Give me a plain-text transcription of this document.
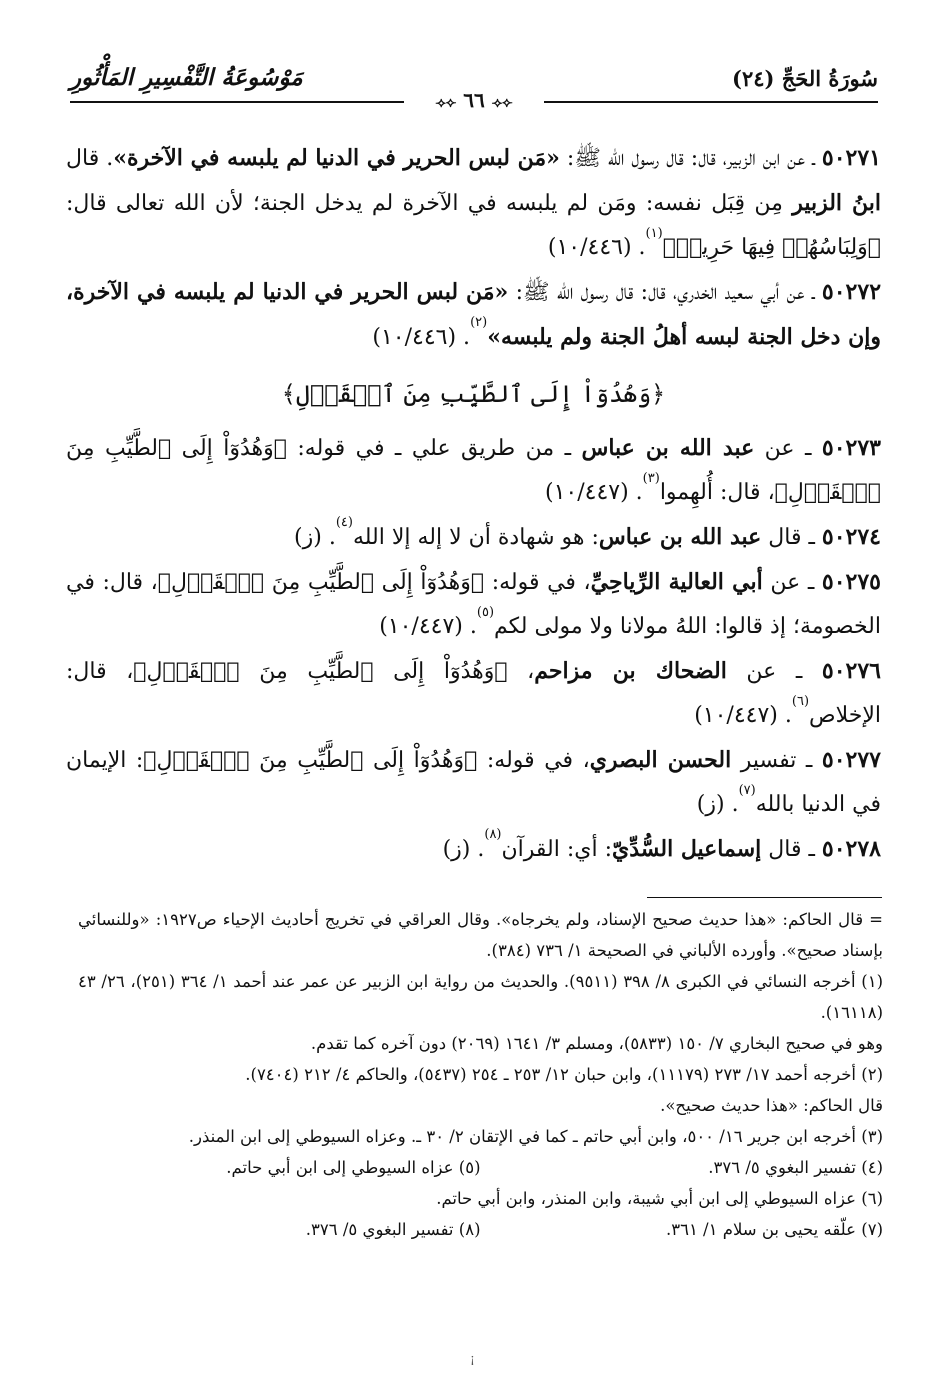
سُورَةُ الحَجِّ (٢٤)
مَوْسُوعَةُ التَّفْسِيرِ المَأْثُورِ
⟢⟣ ٦٦ ⟢⟣

٥٠٢٧١ ـ عن ابن الزبير، قال: قال رسول الله ﷺ: «مَن لبس الحرير في الدنيا لم يلبسه في الآخرة». قال ابنُ الزبير مِن قِبَل نفسه: ومَن لم يلبسه في الآخرة لم يدخل الجنة؛ لأن الله تعالى قال: ﴿وَلِبَاسُهُمۡ فِيهَا حَرِيرٞ﴾$^{(١)}$. (١٠/٤٤٦)

٥٠٢٧٢ ـ عن أبي سعيد الخدري، قال: قال رسول الله ﷺ: «مَن لبس الحرير في الدنيا لم يلبسه في الآخرة، وإن دخل الجنة لبسه أهلُ الجنة ولم يلبسه»$^{(٢)}$. (١٠/٤٤٦)

﴿وَهُدُوٓاْ إِلَى ٱلطَّيِّبِ مِنَ ٱلۡقَوۡلِ﴾

٥٠٢٧٣ ـ عن عبد الله بن عباس ـ من طريق علي ـ في قوله: ﴿وَهُدُوٓاْ إِلَى ٱلطَّيِّبِ مِنَ ٱلۡقَوۡلِ﴾، قال: أُلهِموا$^{(٣)}$. (١٠/٤٤٧)

٥٠٢٧٤ ـ قال عبد الله بن عباس: هو شهادة أن لا إله إلا الله$^{(٤)}$. (ز)

٥٠٢٧٥ ـ عن أبي العالية الرِّياحِيِّ، في قوله: ﴿وَهُدُوٓاْ إِلَى ٱلطَّيِّبِ مِنَ ٱلۡقَوۡلِ﴾، قال: في الخصومة؛ إذ قالوا: اللهُ مولانا ولا مولى لكم$^{(٥)}$. (١٠/٤٤٧)

٥٠٢٧٦ ـ عن الضحاك بن مزاحم، ﴿وَهُدُوٓاْ إِلَى ٱلطَّيِّبِ مِنَ ٱلۡقَوۡلِ﴾، قال: الإخلاص$^{(٦)}$. (١٠/٤٤٧)

٥٠٢٧٧ ـ تفسير الحسن البصري، في قوله: ﴿وَهُدُوٓاْ إِلَى ٱلطَّيِّبِ مِنَ ٱلۡقَوۡلِ﴾: الإيمان في الدنيا بالله$^{(٧)}$. (ز)

٥٠٢٧٨ ـ قال إسماعيل السُّدِّيّ: أي: القرآن$^{(٨)}$. (ز)

= قال الحاكم: «هذا حديث صحيح الإسناد، ولم يخرجاه». وقال العراقي في تخريج أحاديث الإحياء ص١٩٢٧: «وللنسائي بإسناد صحيح». وأورده الألباني في الصحيحة ١/ ٧٣٦ (٣٨٤).

(١) أخرجه النسائي في الكبرى ٨/ ٣٩٨ (٩٥١١). والحديث من رواية ابن الزبير عن عمر عند أحمد ١/ ٣٦٤ (٢٥١)، ٢٦/ ٤٣ (١٦١١٨).

وهو في صحيح البخاري ٧/ ١٥٠ (٥٨٣٣)، ومسلم ٣/ ١٦٤١ (٢٠٦٩) دون آخره كما تقدم.

(٢) أخرجه أحمد ١٧/ ٢٧٣ (١١١٧٩)، وابن حبان ١٢/ ٢٥٣ ـ ٢٥٤ (٥٤٣٧)، والحاكم ٤/ ٢١٢ (٧٤٠٤).

قال الحاكم: «هذا حديث صحيح».

(٣) أخرجه ابن جرير ١٦/ ٥٠٠، وابن أبي حاتم ـ كما في الإتقان ٢/ ٣٠ ـ. وعزاه السيوطي إلى ابن المنذر.

(٤) تفسير البغوي ٥/ ٣٧٦.
(٥) عزاه السيوطي إلى ابن أبي حاتم.

(٦) عزاه السيوطي إلى ابن أبي شيبة، وابن المنذر، وابن أبي حاتم.

(٧) علّقه يحيى بن سلام ١/ ٣٦١.
(٨) تفسير البغوي ٥/ ٣٧٦.
¡
